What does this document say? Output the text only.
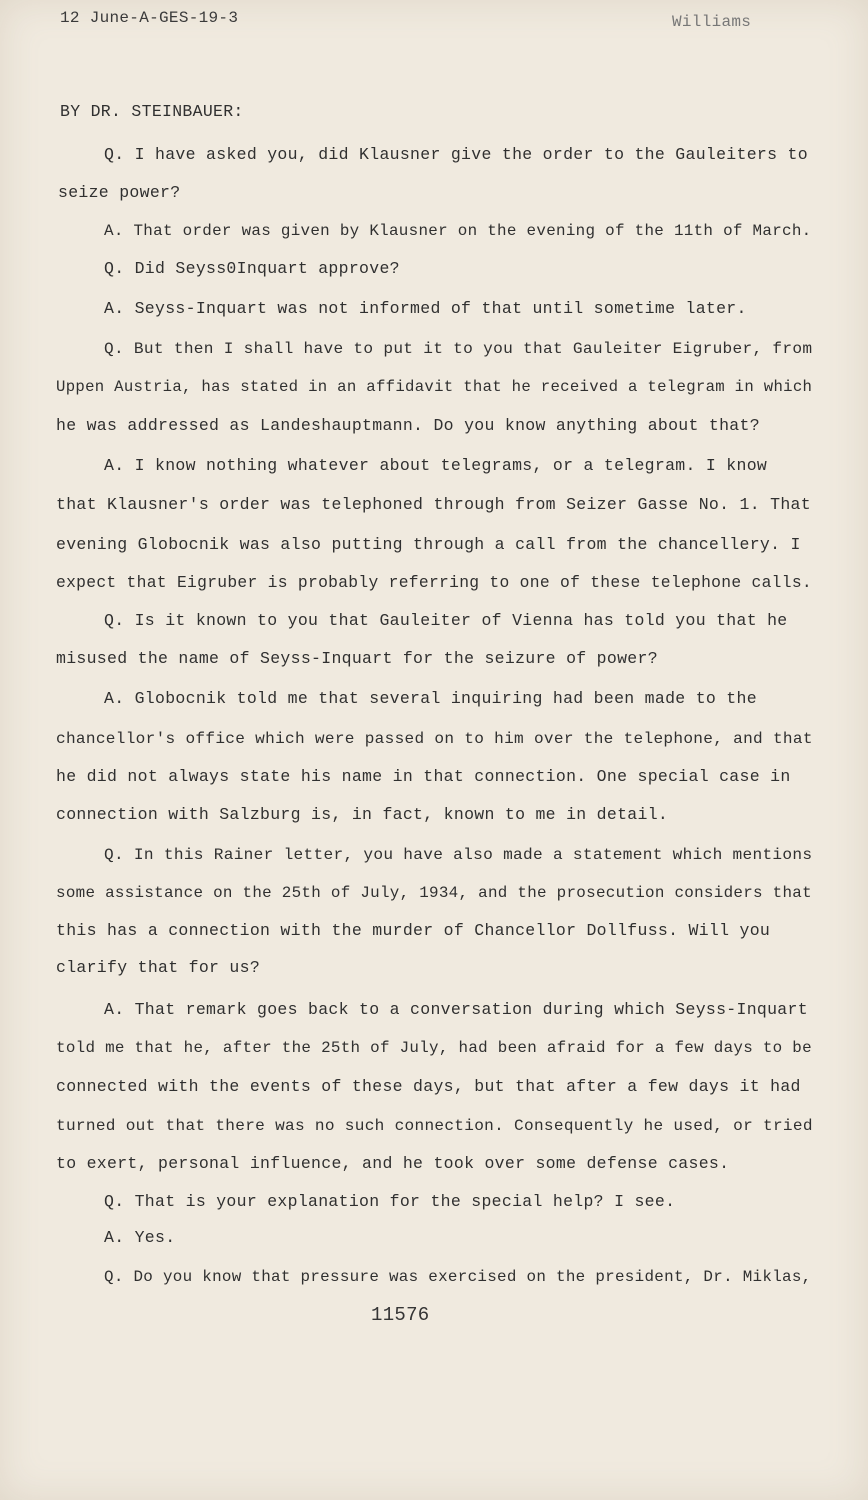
12 June-A-GES-19-3	Williams
BY DR. STEINBAUER:
Q. I have asked you, did Klausner give the order to the Gauleiters to
seize power?
A. That order was given by Klausner on the evening of the 11th of March.
Q. Did Seyss0Inquart approve?
A. Seyss-Inquart was not informed of that until sometime later.
Q. But then I shall have to put it to you that Gauleiter Eigruber, from
Uppen Austria, has stated in an affidavit that he received a telegram in which
he was addressed as Landeshauptmann. Do you know anything about that?
A. I know nothing whatever about telegrams, or a telegram. I know
that Klausner's order was telephoned through from Seizer Gasse No. 1. That
evening Globocnik was also putting through a call from the chancellery. I
expect that Eigruber is probably referring to one of these telephone calls.
Q. Is it known to you that Gauleiter of Vienna has told you that he
misused the name of Seyss-Inquart for the seizure of power?
A. Globocnik told me that several inquiring had been made to the
chancellor's office which were passed on to him over the telephone, and that
he did not always state his name in that connection. One special case in
connection with Salzburg is, in fact, known to me in detail.
Q. In this Rainer letter, you have also made a statement which mentions
some assistance on the 25th of July, 1934, and the prosecution considers that
this has a connection with the murder of Chancellor Dollfuss. Will you
clarify that for us?
A. That remark goes back to a conversation during which Seyss-Inquart
told me that he, after the 25th of July, had been afraid for a few days to be
connected with the events of these days, but that after a few days it had
turned out that there was no such connection. Consequently he used, or tried
to exert, personal influence, and he took over some defense cases.
Q. That is your explanation for the special help? I see.
A. Yes.
Q. Do you know that pressure was exercised on the president, Dr. Miklas,
11576
